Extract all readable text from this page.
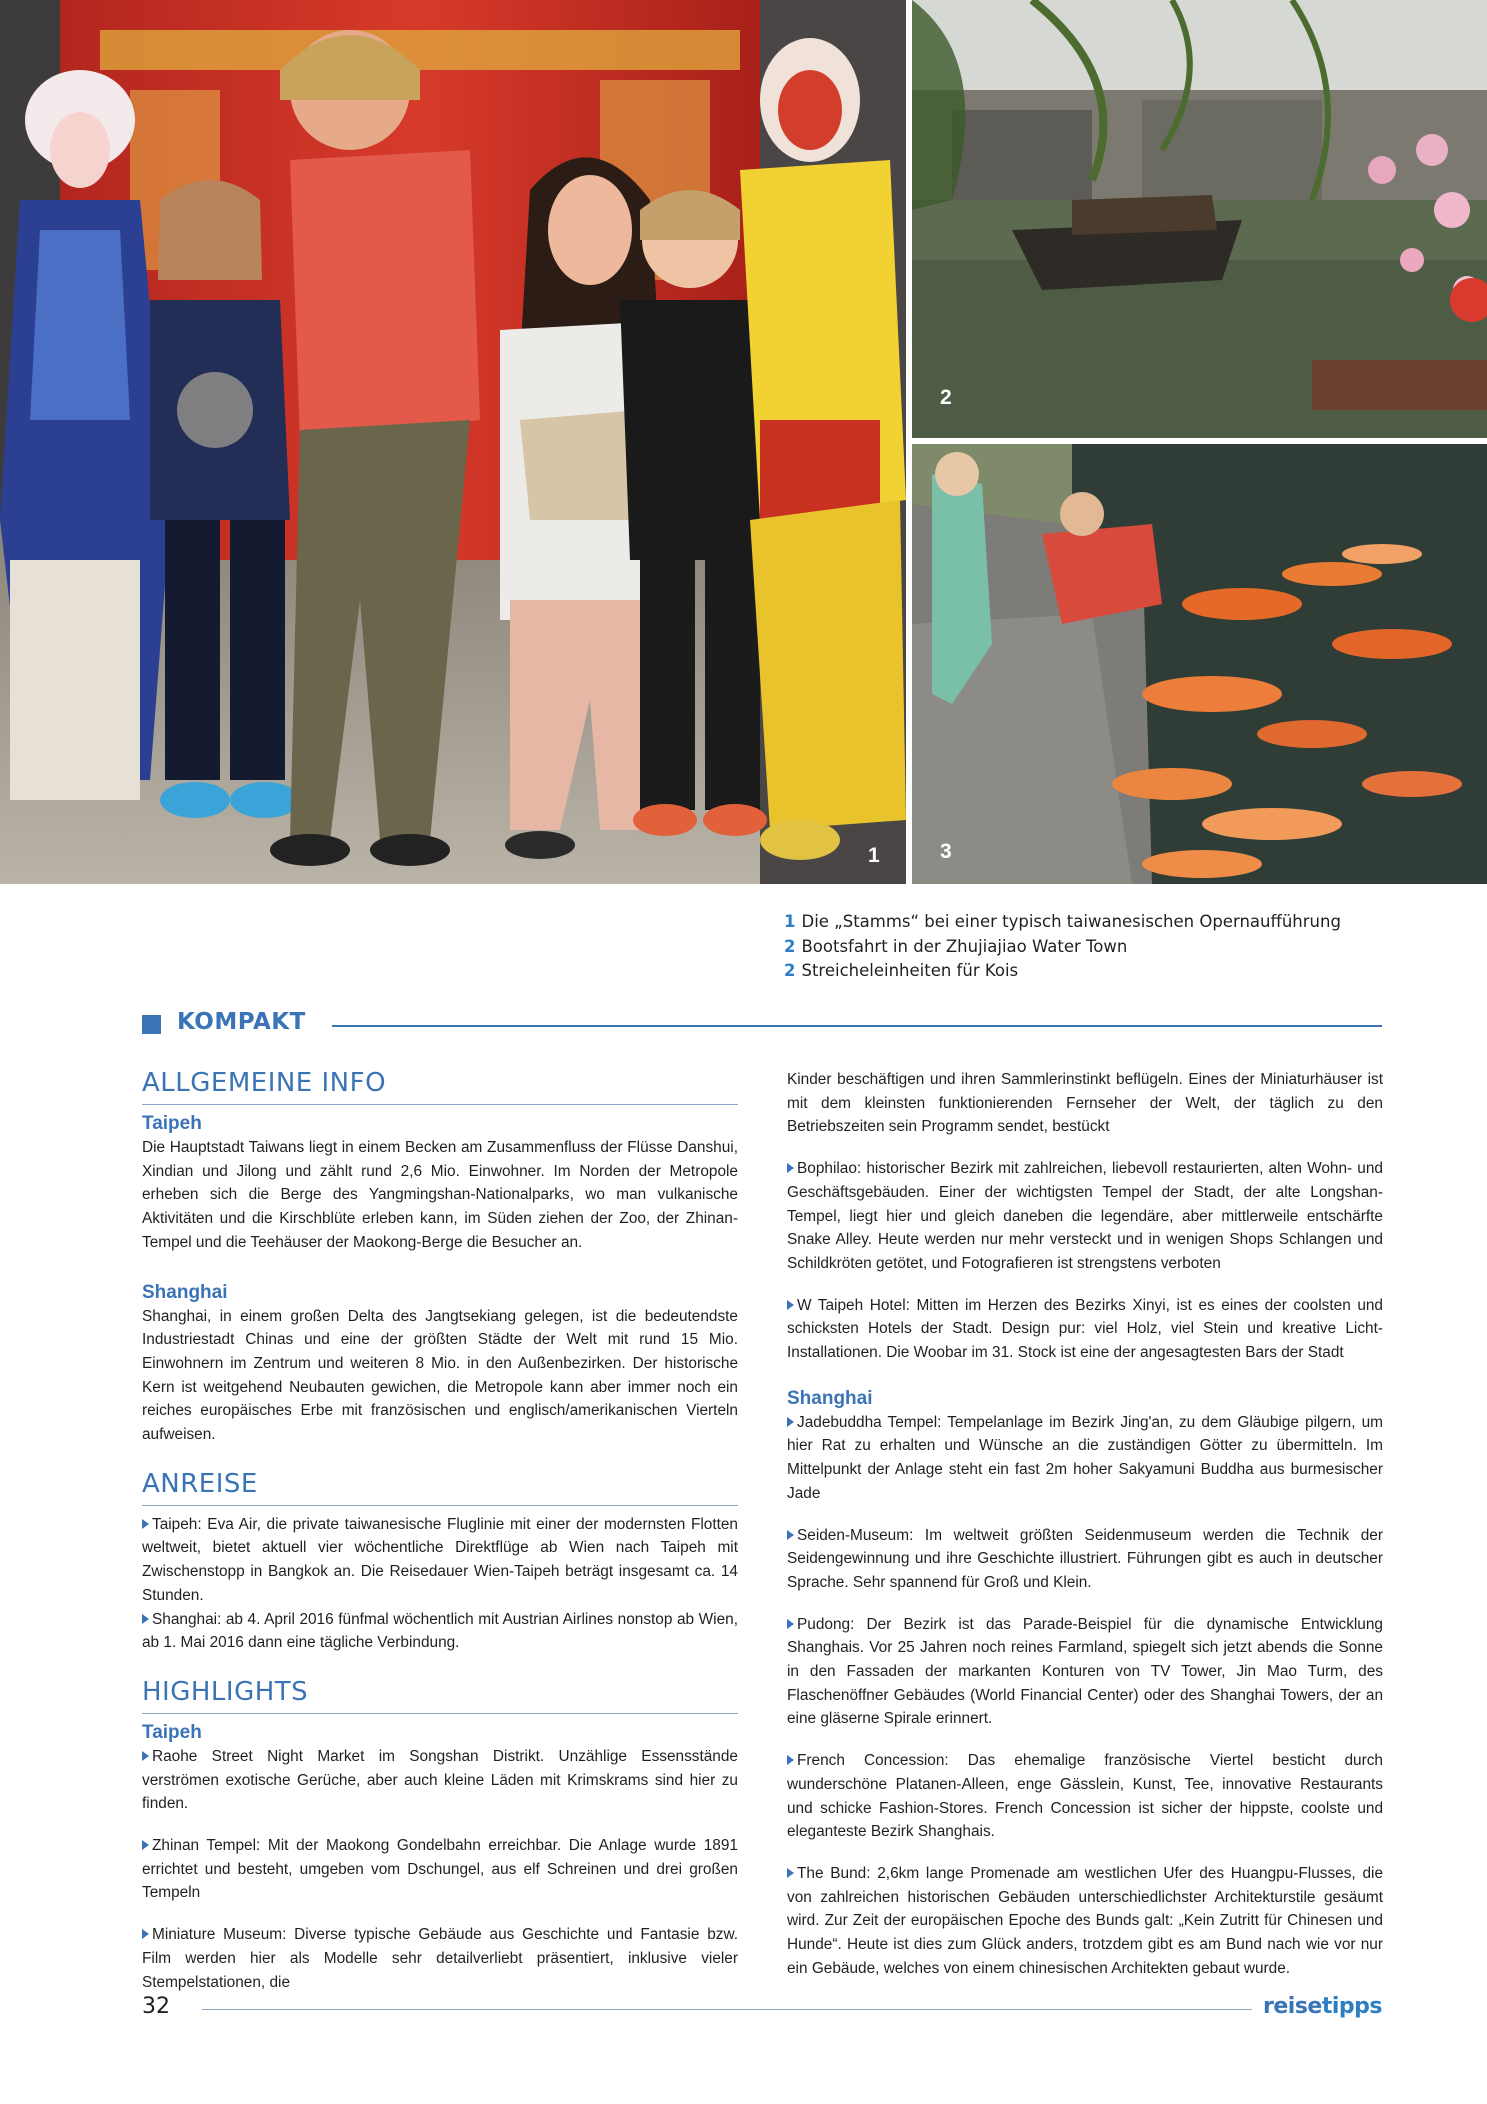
1
2
3
1 Die „Stamms“ bei einer typisch taiwanesischen Opernaufführung
2 Bootsfahrt in der Zhujiajiao Water Town
2 Streicheleinheiten für Kois
KOMPAKT
ALLGEMEINE INFO
Taipeh

Die Hauptstadt Taiwans liegt in einem Becken am Zusammenfluss der Flüsse Danshui, Xindian und Jilong und zählt rund 2,6 Mio. Einwohner. Im Norden der Metropole erheben sich die Berge des Yangmingshan-Nationalparks, wo man vulkanische Aktivitäten und die Kirschblüte erleben kann, im Süden ziehen der Zoo, der Zhinan-Tempel und die Teehäuser der Maokong-Berge die Besucher an.

Shanghai

Shanghai, in einem großen Delta des Jangtsekiang gelegen, ist die bedeutendste Industriestadt Chinas und eine der größten Städte der Welt mit rund 15 Mio. Einwohnern im Zentrum und weiteren 8 Mio. in den Außenbezirken. Der historische Kern ist weitgehend Neubauten gewichen, die Metropole kann aber immer noch ein reiches europäisches Erbe mit französischen und englisch/amerikanischen Vierteln aufweisen.

ANREISE

Taipeh: Eva Air, die private taiwanesische Fluglinie mit einer der modernsten Flotten weltweit, bietet aktuell vier wöchentliche Direktflüge ab Wien nach Taipeh mit Zwischenstopp in Bangkok an. Die Reisedauer Wien-Taipeh beträgt insgesamt ca. 14 Stunden.

Shanghai: ab 4. April 2016 fünfmal wöchentlich mit Austrian Airlines nonstop ab Wien, ab 1. Mai 2016 dann eine tägliche Verbindung.

HIGHLIGHTS
Taipeh

Raohe Street Night Market im Songshan Distrikt. Unzählige Essensstände verströmen exotische Gerüche, aber auch kleine Läden mit Krimskrams sind hier zu finden.

Zhinan Tempel: Mit der Maokong Gondelbahn erreichbar. Die Anlage wurde 1891 errichtet und besteht, umgeben vom Dschungel, aus elf Schreinen und drei großen Tempeln

Miniature Museum: Diverse typische Gebäude aus Geschichte und Fantasie bzw. Film werden hier als Modelle sehr detailverliebt präsentiert, inklusive vieler Stempelstationen, die

Kinder beschäftigen und ihren Sammlerinstinkt beflügeln. Eines der Miniaturhäuser ist mit dem kleinsten funktionierenden Fernseher der Welt, der täglich zu den Betriebszeiten sein Programm sendet, bestückt

Bophilao: historischer Bezirk mit zahlreichen, liebevoll restaurierten, alten Wohn- und Geschäftsgebäuden. Einer der wichtigsten Tempel der Stadt, der alte Longshan-Tempel, liegt hier und gleich daneben die legendäre, aber mittlerweile entschärfte Snake Alley. Heute werden nur mehr versteckt und in wenigen Shops Schlangen und Schildkröten getötet, und Fotografieren ist strengstens verboten

W Taipeh Hotel: Mitten im Herzen des Bezirks Xinyi, ist es eines der coolsten und schicksten Hotels der Stadt. Design pur: viel Holz, viel Stein und kreative Licht-Installationen. Die Woobar im 31. Stock ist eine der angesagtesten Bars der Stadt

Shanghai

Jadebuddha Tempel: Tempelanlage im Bezirk Jing'an, zu dem Gläubige pilgern, um hier Rat zu erhalten und Wünsche an die zuständigen Götter zu übermitteln. Im Mittelpunkt der Anlage steht ein fast 2m hoher Sakyamuni Buddha aus burmesischer Jade

Seiden-Museum: Im weltweit größten Seidenmuseum werden die Technik der Seidengewinnung und ihre Geschichte illustriert. Führungen gibt es auch in deutscher Sprache. Sehr spannend für Groß und Klein.

Pudong: Der Bezirk ist das Parade-Beispiel für die dynamische Entwicklung Shanghais. Vor 25 Jahren noch reines Farmland, spiegelt sich jetzt abends die Sonne in den Fassaden der markanten Konturen von TV Tower, Jin Mao Turm, des Flaschenöffner Gebäudes (World Financial Center) oder des Shanghai Towers, der an eine gläserne Spirale erinnert.

French Concession: Das ehemalige französische Viertel besticht durch wunderschöne Platanen-Alleen, enge Gässlein, Kunst, Tee, innovative Restaurants und schicke Fashion-Stores. French Concession ist sicher der hippste, coolste und eleganteste Bezirk Shanghais.

The Bund: 2,6km lange Promenade am westlichen Ufer des Huangpu-Flusses, die von zahlreichen historischen Gebäuden unterschiedlichster Architekturstile gesäumt wird. Zur Zeit der europäischen Epoche des Bunds galt: „Kein Zutritt für Chinesen und Hunde“. Heute ist dies zum Glück anders, trotzdem gibt es am Bund nach wie vor nur ein Gebäude, welches von einem chinesischen Architekten gebaut wurde.

32	reisetipps
